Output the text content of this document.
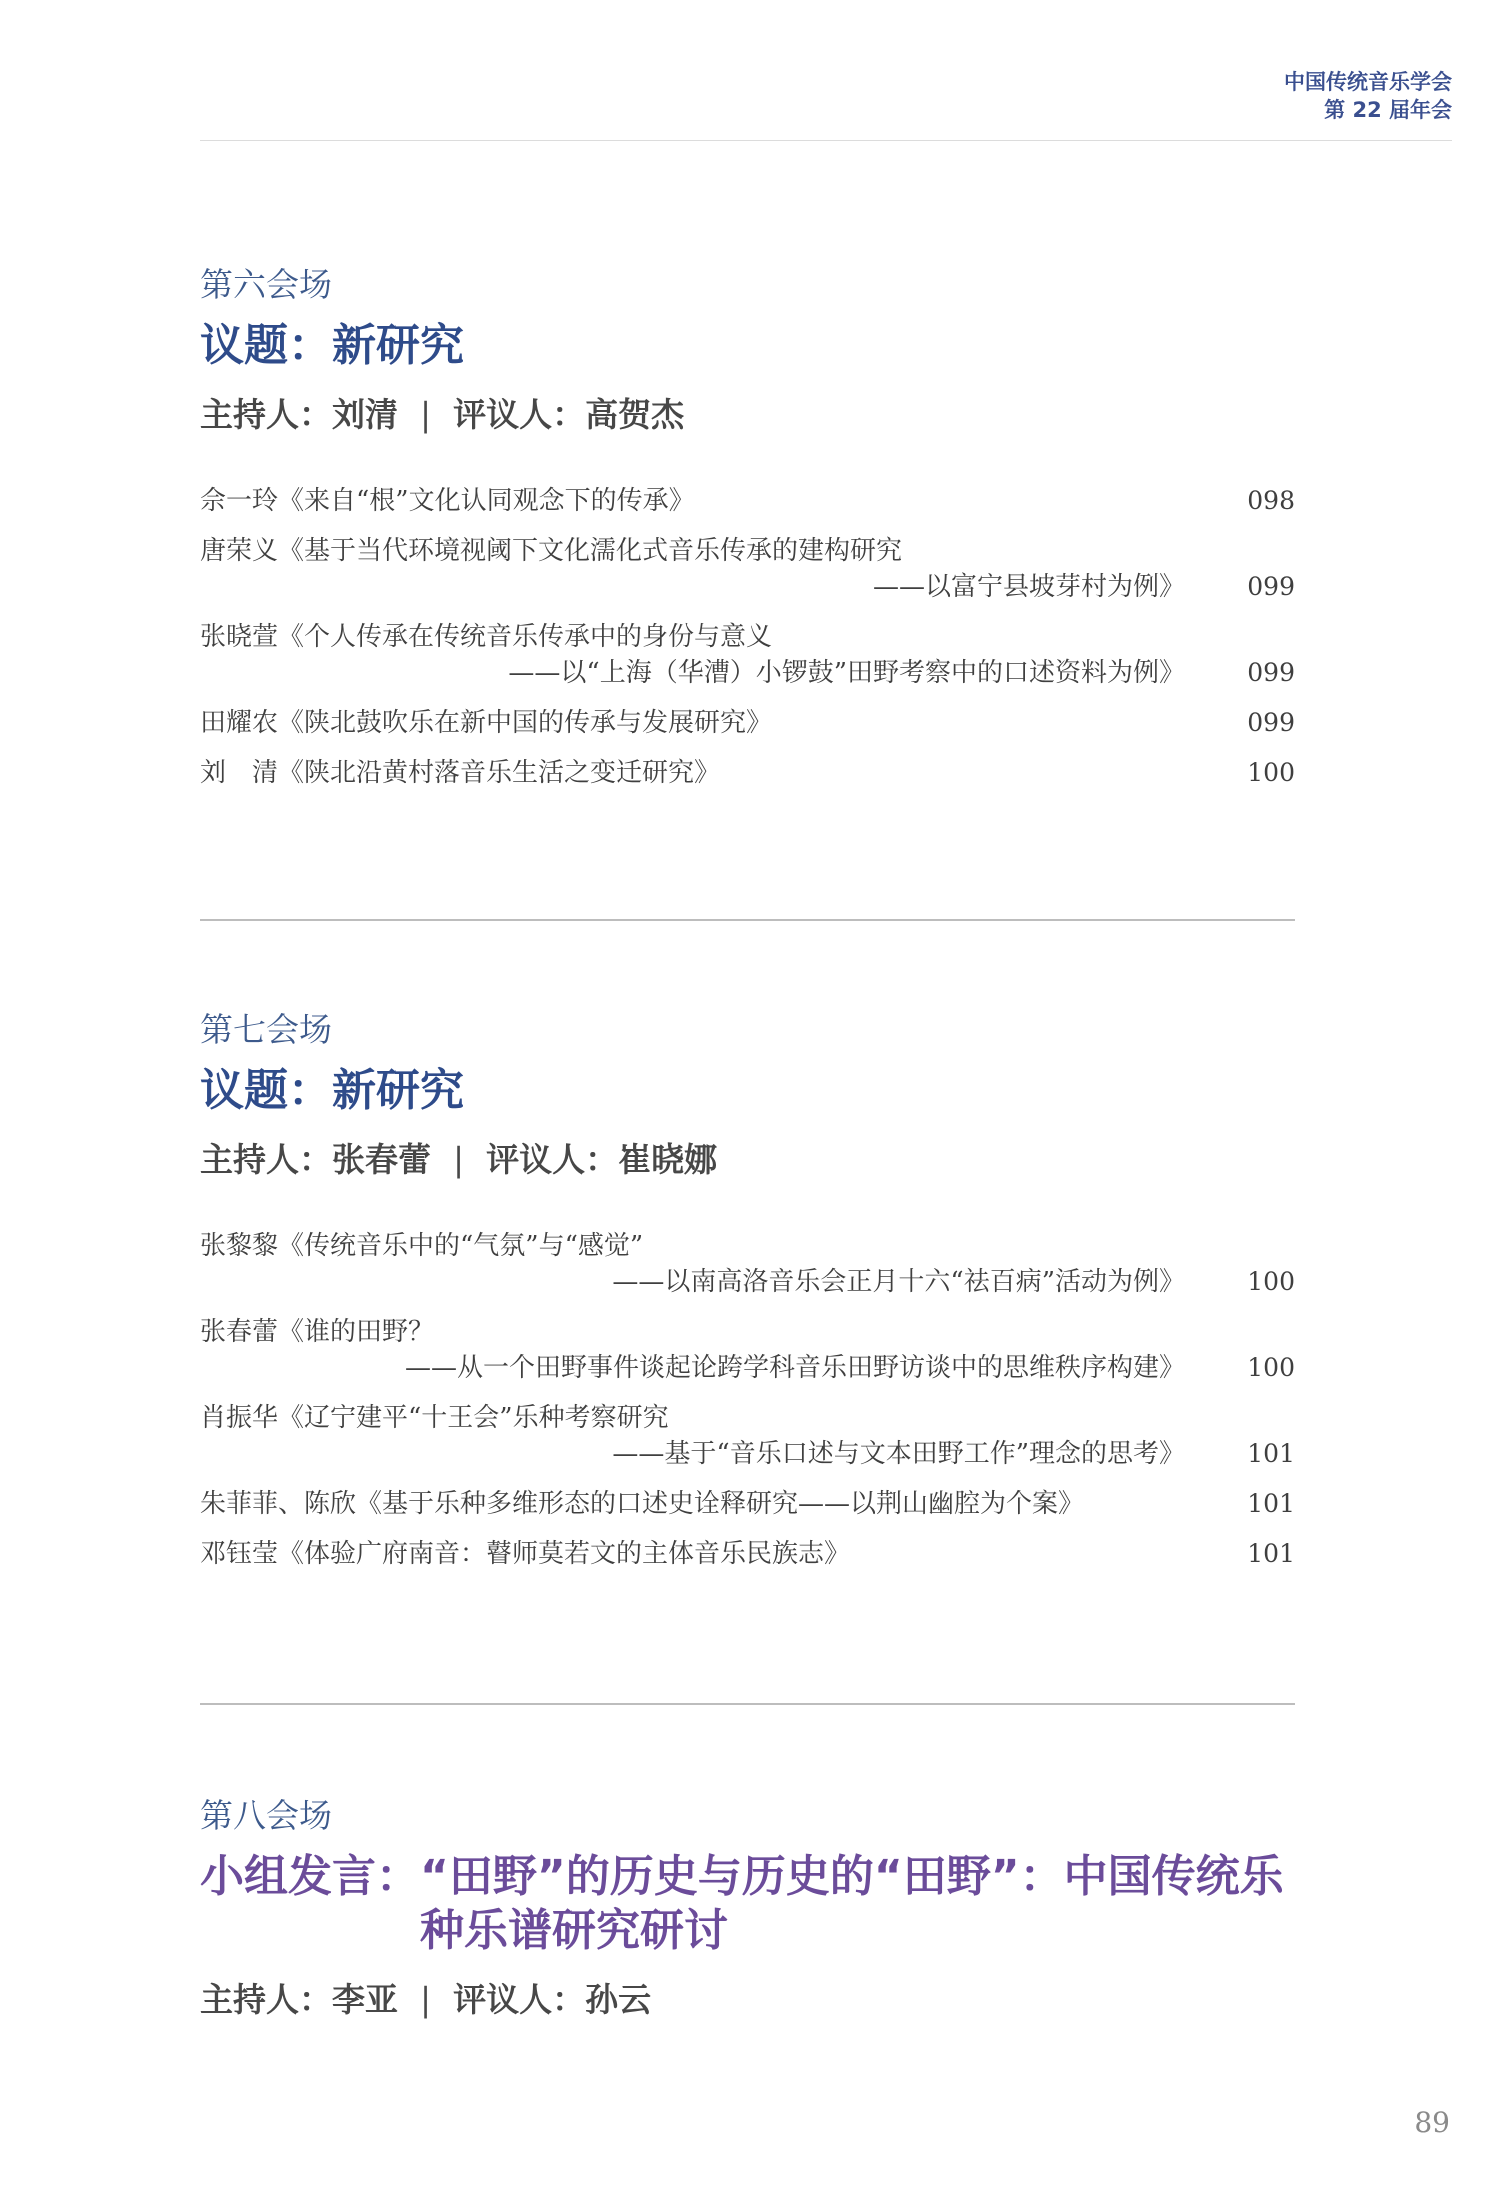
中国传统音乐学会
第 22 届年会
第六会场
议题： 新研究
主持人：刘清 | 评议人：高贺杰
佘一玲《来自“根”文化认同观念下的传承》	098
唐荣义《基于当代环境视阈下文化濡化式音乐传承的建构研究
——以富宁县坡芽村为例》	099
张晓萱《个人传承在传统音乐传承中的身份与意义
——以“上海（华漕）小锣鼓”田野考察中的口述资料为例》	099
田耀农《陕北鼓吹乐在新中国的传承与发展研究》	099
刘　清《陕北沿黄村落音乐生活之变迁研究》	100
第七会场
议题： 新研究
主持人：张春蕾 | 评议人：崔晓娜
张黎黎《传统音乐中的“气氛”与“感觉”
——以南高洛音乐会正月十六“祛百病”活动为例》	100
张春蕾《谁的田野？
——从一个田野事件谈起论跨学科音乐田野访谈中的思维秩序构建》	100
肖振华《辽宁建平“十王会”乐种考察研究
——基于“音乐口述与文本田野工作”理念的思考》	101
朱菲菲、陈欣《基于乐种多维形态的口述史诠释研究——以荆山幽腔为个案》	101
邓钰莹《体验广府南音：瞽师莫若文的主体音乐民族志》	101
第八会场
小组发言： “田野”的历史与历史的“田野”：中国传统乐种乐谱研究研讨
主持人：李亚 | 评议人：孙云
89
